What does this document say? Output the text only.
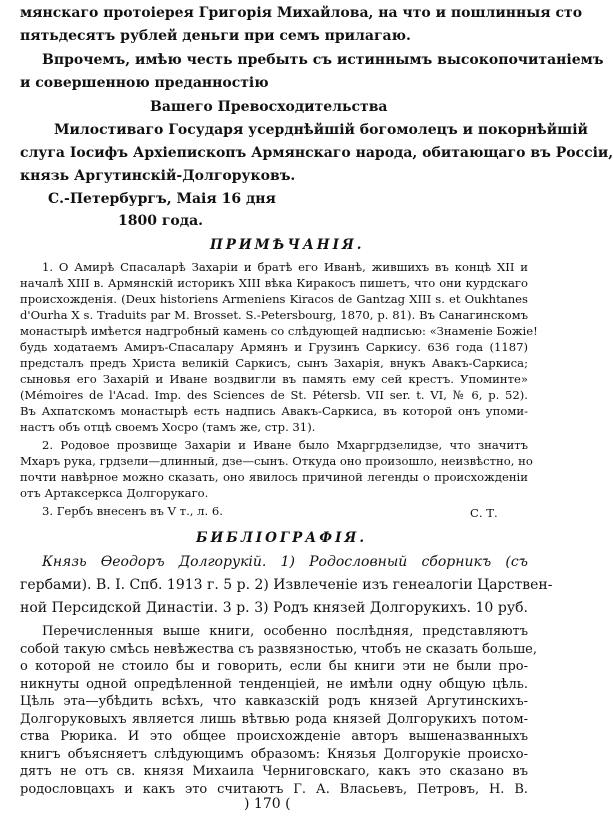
мянскаго протоіерея Григорія Михайлова, на что и пошлинныя сто
пятьдесятъ рублей деньги при семъ прилагаю.
Впрочемъ, имѣю честь пребыть съ истиннымъ высокопочитаніемъ
и совершенною преданностію
Вашего Превосходительства
Милостиваго Государя усерднѣйшій богомолецъ и покорнѣйшій
слуга Іосифъ Архіепископъ Армянскаго народа, обитающаго въ Россіи,
князь Аргутинскій-Долгоруковъ.
С.-Петербургъ, Маія 16 дня
1800 года.
ПРИМѢЧАНІЯ.
1. О Амирѣ Спасаларѣ Захаріи и братѣ его Иванѣ, жившихъ въ концѣ XII и
началѣ XIII в. Армянскій историкъ XIII вѣка Киракосъ пишетъ, что они курдскаго
происхожденія. (Deux historiens Armeniens Kiracos de Gantzag XIII s. et Oukhtanes
d'Ourha X s. Traduits par M. Brosset. S.-Petersbourg, 1870, p. 81). Въ Санагинскомъ
монастырѣ имѣется надгробный камень со слѣдующей надписью: «Знаменіе Божіе!
будь ходатаемъ Амиръ-Спасалару Армянъ и Грузинъ Саркису. 636 года (1187)
предсталъ предъ Христа великій Саркисъ, сынъ Захарія, внукъ Авакъ-Саркиса;
сыновья его Захарій и Иване воздвигли въ память ему сей крестъ. Упоминте»
(Mémoires de l'Acad. Imp. des Sciences de St. Pétersb. VII ser. t. VI, № 6, p. 52).
Въ Ахпатскомъ монастырѣ есть надпись Авакъ-Саркиса, въ которой онъ упоми-
настъ объ отцѣ своемъ Хосро (тамъ же, стр. 31).
2. Родовое прозвище Захаріи и Иване было Мхаргрдзелидзе, что значитъ
Мхаръ рука, грдзели—длинный, дзе—сынъ. Откуда оно произошло, неизвѣстно, но
почти навѣрное можно сказать, оно явилось причиной легенды о происхожденіи
отъ Артаксеркса Долгорукаго.
3. Гербъ внесенъ въ V т., л. 6.	С. Т.
БИБЛІОГРАФІЯ.
Князь Ѳеодоръ Долгорукій. 1) Родословный сборникъ (съ
гербами). В. I. Спб. 1913 г. 5 р. 2) Извлеченіе изъ генеалогіи Царствен-
ной Персидской Династіи. 3 р. 3) Родъ князей Долгорукихъ. 10 руб.
Перечисленныя выше книги, особенно послѣдняя, представляютъ
собой такую смѣсь невѣжества съ развязностью, чтобъ не сказать больше,
о которой не стоило бы и говорить, если бы книги эти не были про-
никнуты одной опредѣленной тенденціей, не имѣли одну общую цѣль.
Цѣль эта—убѣдить всѣхъ, что кавказскій родъ князей Аргутинскихъ-
Долгоруковыхъ является лишь вѣтвью рода князей Долгорукихъ потом-
ства Рюрика. И это общее происхожденіе авторъ вышеназванныхъ
) 170 (
книгъ объясняетъ слѣдующимъ образомъ: Князья Долгорукіе происхо-
дятъ не отъ св. князя Михаила Черниговскаго, какъ это сказано въ
родословцахъ и какъ это считаютъ Г. А. Власьевъ, Петровъ, Н. В.
